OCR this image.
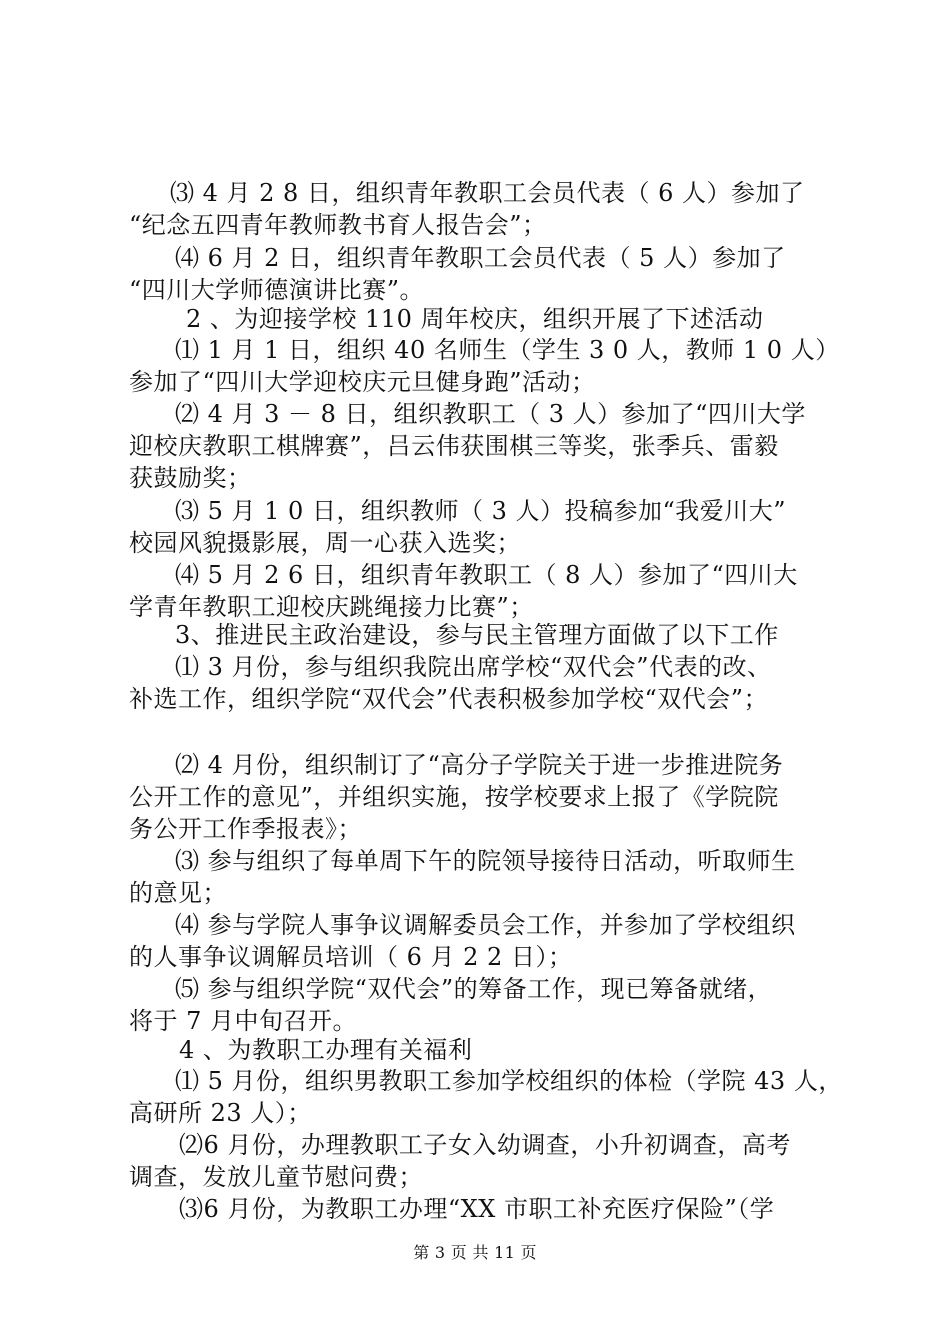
⑶ 4 月 2 8 日，组织青年教职工会员代表（ 6 人）参加了
“纪念五四青年教师教书育人报告会”；
⑷ 6 月 2 日，组织青年教职工会员代表（ 5 人）参加了
“四川大学师德演讲比赛”。
2 、为迎接学校 110 周年校庆，组织开展了下述活动
⑴ 1 月 1 日，组织 40 名师生（学生 3 0 人，教师 1 0 人）
参加了“四川大学迎校庆元旦健身跑”活动；
⑵ 4 月 3 － 8 日，组织教职工（ 3 人）参加了“四川大学
迎校庆教职工棋牌赛”，吕云伟获围棋三等奖，张季兵、雷毅
获鼓励奖；
⑶ 5 月 1 0 日，组织教师（ 3 人）投稿参加“我爱川大”
校园风貌摄影展，周一心获入选奖；
⑷ 5 月 2 6 日，组织青年教职工（ 8 人）参加了“四川大
学青年教职工迎校庆跳绳接力比赛”；
3、推进民主政治建设，参与民主管理方面做了以下工作
⑴ 3 月份，参与组织我院出席学校“双代会”代表的改、
补选工作，组织学院“双代会”代表积极参加学校“双代会”；
⑵ 4 月份，组织制订了“高分子学院关于进一步推进院务
公开工作的意见”，并组织实施，按学校要求上报了《学院院
务公开工作季报表》；
⑶ 参与组织了每单周下午的院领导接待日活动，听取师生
的意见；
⑷ 参与学院人事争议调解委员会工作，并参加了学校组织
的人事争议调解员培训（ 6 月 2 2 日）；
⑸ 参与组织学院“双代会”的筹备工作，现已筹备就绪，
将于 7 月中旬召开。
4 、为教职工办理有关福利
⑴ 5 月份，组织男教职工参加学校组织的体检（学院 43 人，
高研所 23 人）；
⑵6 月份，办理教职工子女入幼调查，小升初调查，高考
调查，发放儿童节慰问费；
⑶6 月份，为教职工办理“XX 市职工补充医疗保险”（学
第 3 页 共 11 页
